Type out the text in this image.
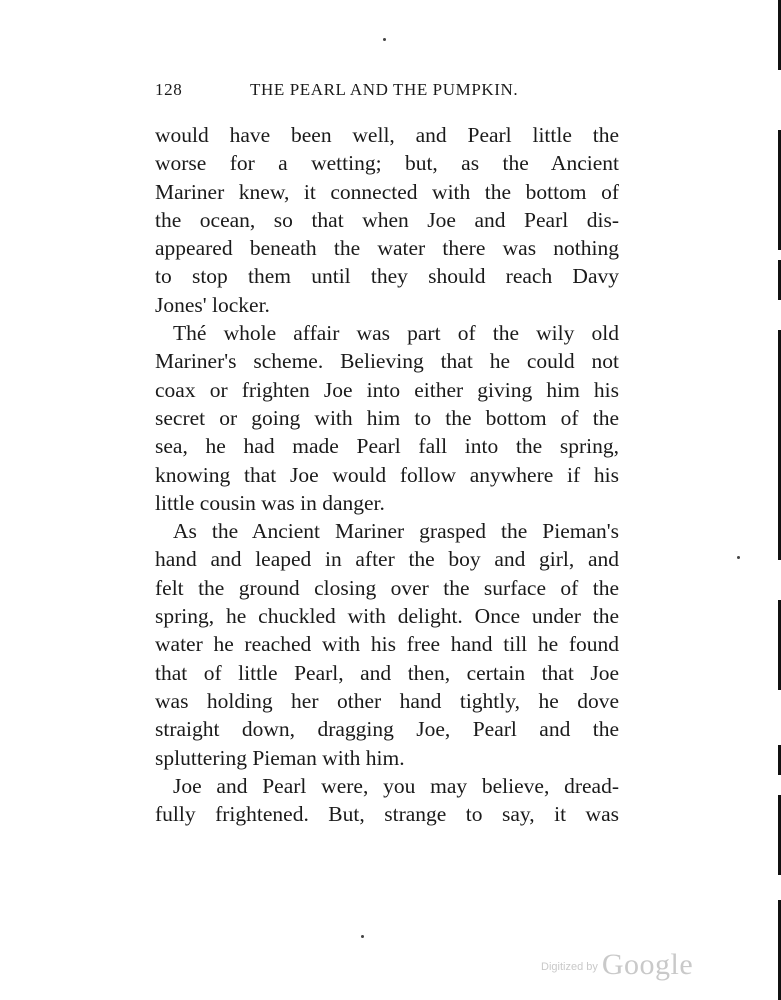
128	THE PEARL AND THE PUMPKIN.
would have been well, and Pearl little the
worse for a wetting; but, as the Ancient
Mariner knew, it connected with the bottom of
the ocean, so that when Joe and Pearl dis-
appeared beneath the water there was nothing
to stop them until they should reach Davy
Jones' locker.
Thé whole affair was part of the wily old
Mariner's scheme. Believing that he could not
coax or frighten Joe into either giving him his
secret or going with him to the bottom of the
sea, he had made Pearl fall into the spring,
knowing that Joe would follow anywhere if his
little cousin was in danger.
As the Ancient Mariner grasped the Pieman's
hand and leaped in after the boy and girl, and
felt the ground closing over the surface of the
spring, he chuckled with delight. Once under the
water he reached with his free hand till he found
that of little Pearl, and then, certain that Joe
was holding her other hand tightly, he dove
straight down, dragging Joe, Pearl and the
spluttering Pieman with him.
Joe and Pearl were, you may believe, dread-
fully frightened. But, strange to say, it was
$^{Digitized by}$ Google
